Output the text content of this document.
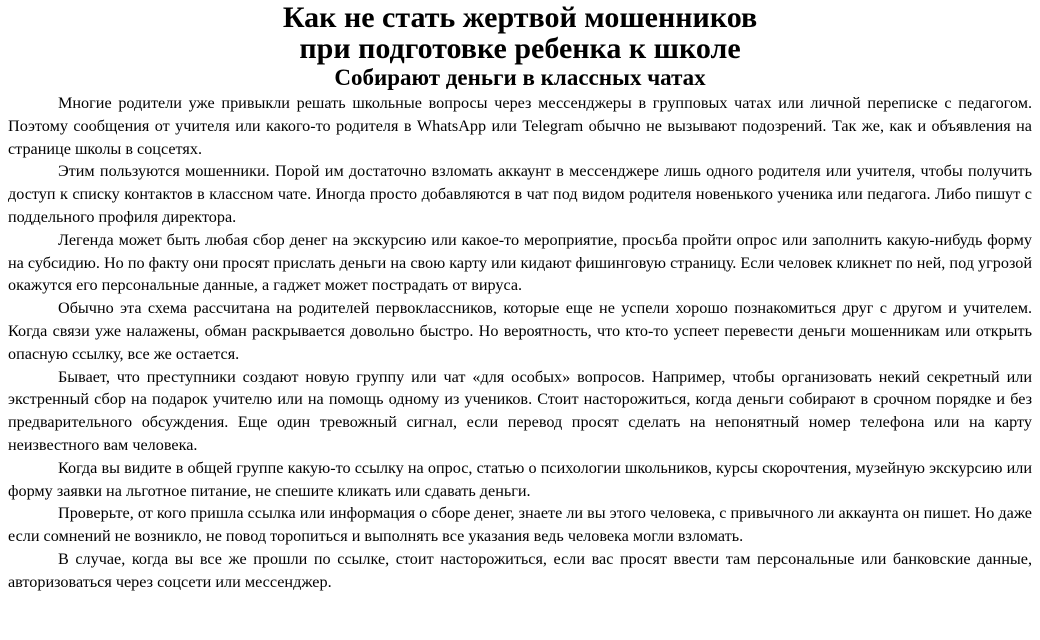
Как не стать жертвой мошенников
при подготовке ребенка к школе
Собирают деньги в классных чатах

Многие родители уже привыкли решать школьные вопросы через мессенджеры в групповых чатах или личной переписке с педагогом. Поэтому сообщения от учителя или какого-то родителя в WhatsApp или Telegram обычно не вызывают подозрений. Так же, как и объявления на странице школы в соцсетях.

Этим пользуются мошенники. Порой им достаточно взломать аккаунт в мессенджере лишь одного родителя или учителя, чтобы получить доступ к списку контактов в классном чате. Иногда просто добавляются в чат под видом родителя новенького ученика или педагога. Либо пишут с поддельного профиля директора.

Легенда может быть любая сбор денег на экскурсию или какое-то мероприятие, просьба пройти опрос или заполнить какую-нибудь форму на субсидию. Но по факту они просят прислать деньги на свою карту или кидают фишинговую страницу. Если человек кликнет по ней, под угрозой окажутся его персональные данные, а гаджет может пострадать от вируса.

Обычно эта схема рассчитана на родителей первоклассников, которые еще не успели хорошо познакомиться друг с другом и учителем. Когда связи уже налажены, обман раскрывается довольно быстро. Но вероятность, что кто-то успеет перевести деньги мошенникам или открыть опасную ссылку, все же остается.

Бывает, что преступники создают новую группу или чат «для особых» вопросов. Например, чтобы организовать некий секретный или экстренный сбор на подарок учителю или на помощь одному из учеников. Стоит насторожиться, когда деньги собирают в срочном порядке и без предварительного обсуждения. Еще один тревожный сигнал, если перевод просят сделать на непонятный номер телефона или на карту неизвестного вам человека.

Когда вы видите в общей группе какую-то ссылку на опрос, статью о психологии школьников, курсы скорочтения, музейную экскурсию или форму заявки на льготное питание, не спешите кликать или сдавать деньги.

Проверьте, от кого пришла ссылка или информация о сборе денег, знаете ли вы этого человека, с привычного ли аккаунта он пишет. Но даже если сомнений не возникло, не повод торопиться и выполнять все указания ведь человека могли взломать.

В случае, когда вы все же прошли по ссылке, стоит насторожиться, если вас просят ввести там персональные или банковские данные, авторизоваться через соцсети или мессенджер.
